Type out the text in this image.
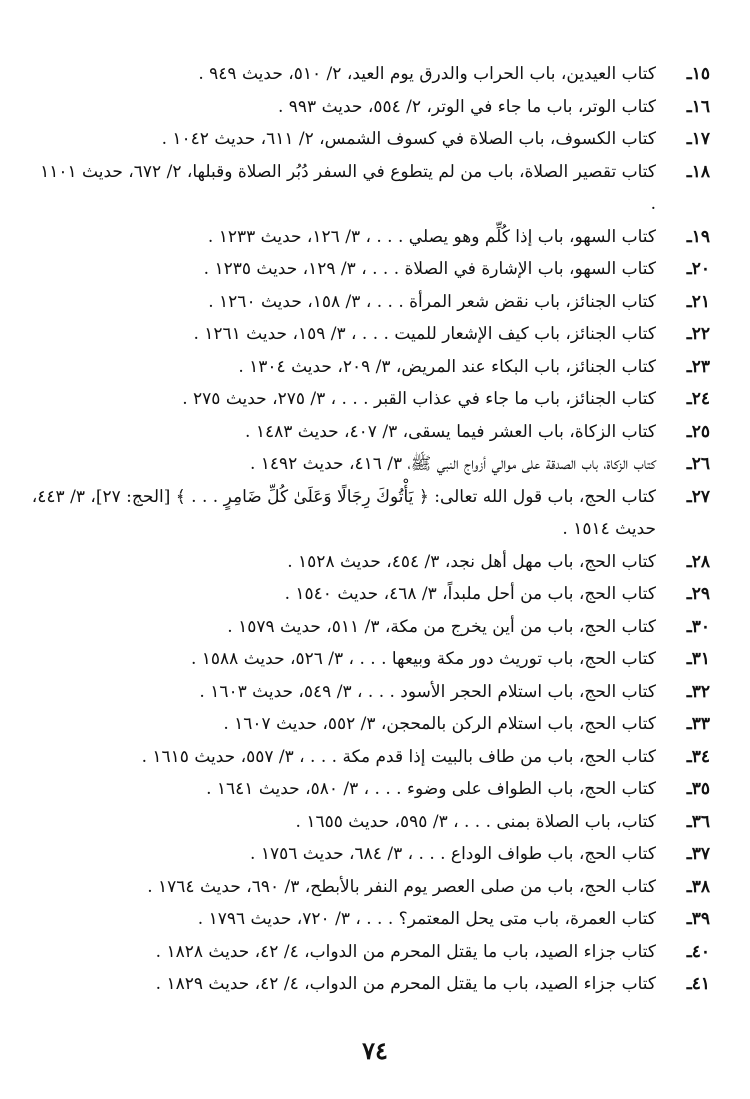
١٥ـ
كتاب العيدين، باب الحراب والدرق يوم العيد، ٢/ ٥١٠، حديث ٩٤٩ .
١٦ـ
كتاب الوتر، باب ما جاء في الوتر، ٢/ ٥٥٤، حديث ٩٩٣ .
١٧ـ
كتاب الكسوف، باب الصلاة في كسوف الشمس، ٢/ ٦١١، حديث ١٠٤٢ .
١٨ـ
كتاب تقصير الصلاة، باب من لم يتطوع في السفر دُبُر الصلاة وقبلها، ٢/ ٦٧٢، حديث ١١٠١ .
١٩ـ
كتاب السهو، باب إذا كُلِّم وهو يصلي . . . ، ٣/ ١٢٦، حديث ١٢٣٣ .
٢٠ـ
كتاب السهو، باب الإشارة في الصلاة . . . ، ٣/ ١٢٩، حديث ١٢٣٥ .
٢١ـ
كتاب الجنائز، باب نقض شعر المرأة . . . ، ٣/ ١٥٨، حديث ١٢٦٠ .
٢٢ـ
كتاب الجنائز، باب كيف الإشعار للميت . . . ، ٣/ ١٥٩، حديث ١٢٦١ .
٢٣ـ
كتاب الجنائز، باب البكاء عند المريض، ٣/ ٢٠٩، حديث ١٣٠٤ .
٢٤ـ
كتاب الجنائز، باب ما جاء في عذاب القبر . . . ، ٣/ ٢٧٥، حديث ٢٧٥ .
٢٥ـ
كتاب الزكاة، باب العشر فيما يسقى، ٣/ ٤٠٧، حديث ١٤٨٣ .
٢٦ـ
كتاب الزكاة، باب الصدقة على موالي أزواج النبي ﷺ، ٣/ ٤١٦، حديث ١٤٩٢ .
٢٧ـ
كتاب الحج، باب قول الله تعالى: ﴿ يَأْتُوكَ رِجَالًا وَعَلَىٰ كُلِّ ضَامِرٍ . . . ﴾ [الحج: ٢٧]، ٣/ ٤٤٣، حديث ١٥١٤ .
٢٨ـ
كتاب الحج، باب مهل أهل نجد، ٣/ ٤٥٤، حديث ١٥٢٨ .
٢٩ـ
كتاب الحج، باب من أحل ملبداً، ٣/ ٤٦٨، حديث ١٥٤٠ .
٣٠ـ
كتاب الحج، باب من أين يخرج من مكة، ٣/ ٥١١، حديث ١٥٧٩ .
٣١ـ
كتاب الحج، باب توريث دور مكة وبيعها . . . ، ٣/ ٥٢٦، حديث ١٥٨٨ .
٣٢ـ
كتاب الحج، باب استلام الحجر الأسود . . . ، ٣/ ٥٤٩، حديث ١٦٠٣ .
٣٣ـ
كتاب الحج، باب استلام الركن بالمحجن، ٣/ ٥٥٢، حديث ١٦٠٧ .
٣٤ـ
كتاب الحج، باب من طاف بالبيت إذا قدم مكة . . . ، ٣/ ٥٥٧، حديث ١٦١٥ .
٣٥ـ
كتاب الحج، باب الطواف على وضوء . . . ، ٣/ ٥٨٠، حديث ١٦٤١ .
٣٦ـ
كتاب، باب الصلاة بمنى . . . ، ٣/ ٥٩٥، حديث ١٦٥٥ .
٣٧ـ
كتاب الحج، باب طواف الوداع . . . ، ٣/ ٦٨٤، حديث ١٧٥٦ .
٣٨ـ
كتاب الحج، باب من صلى العصر يوم النفر بالأبطح، ٣/ ٦٩٠، حديث ١٧٦٤ .
٣٩ـ
كتاب العمرة، باب متى يحل المعتمر؟ . . . ، ٣/ ٧٢٠، حديث ١٧٩٦ .
٤٠ـ
كتاب جزاء الصيد، باب ما يقتل المحرم من الدواب، ٤/ ٤٢، حديث ١٨٢٨ .
٤١ـ
كتاب جزاء الصيد، باب ما يقتل المحرم من الدواب، ٤/ ٤٢، حديث ١٨٢٩ .
٧٤
